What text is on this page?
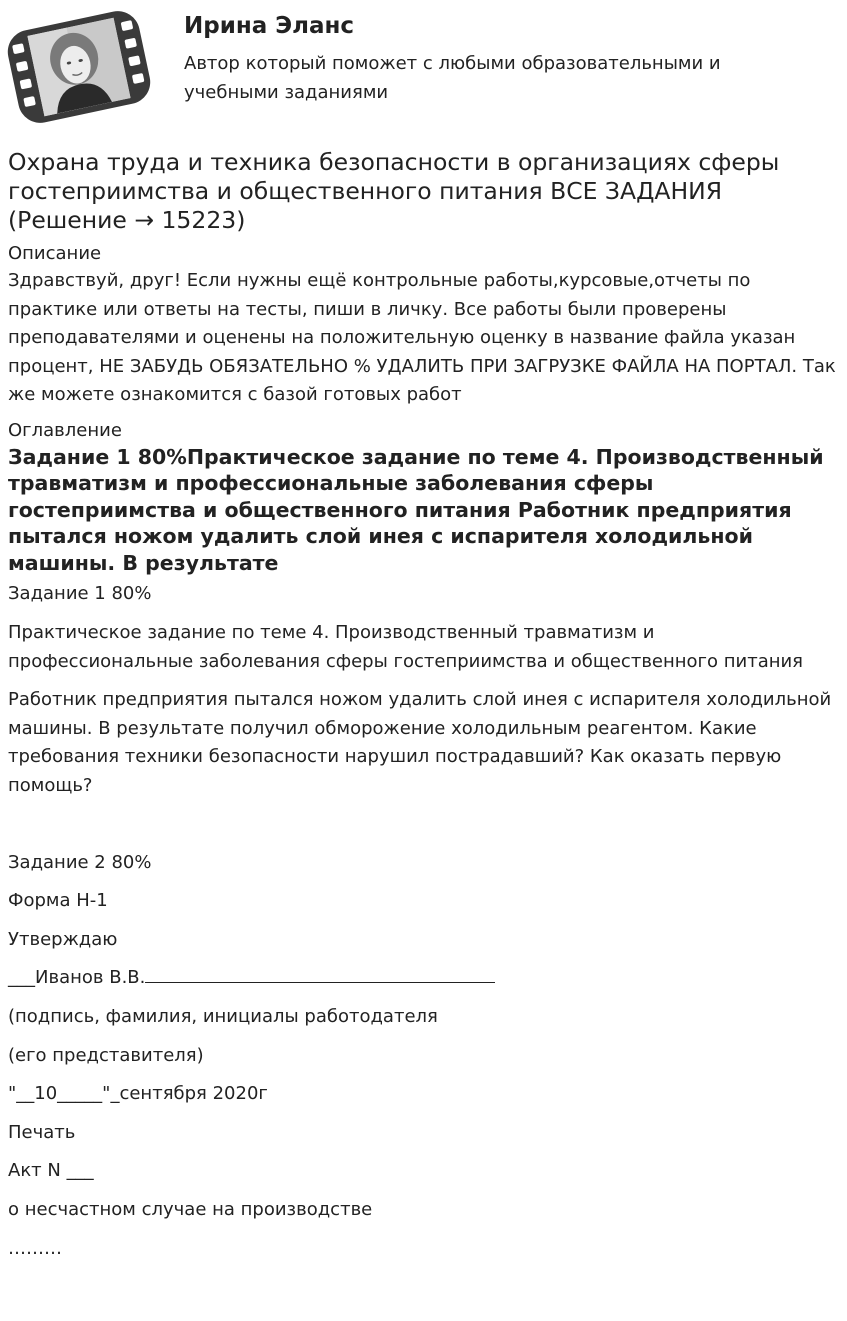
Ирина Эланс
Автор который поможет с любыми образовательными и учебными заданиями
Охрана труда и техника безопасности в организациях сферы гостеприимства и общественного питания ВСЕ ЗАДАНИЯ (Решение → 15223)

Описание

Здравствуй, друг! Если нужны ещё контрольные работы,курсовые,отчеты по практике или ответы на тесты, пиши в личку. Все работы были проверены преподавателями и оценены на положительную оценку в название файла указан процент, НЕ ЗАБУДЬ ОБЯЗАТЕЛЬНО % УДАЛИТЬ ПРИ ЗАГРУЗКЕ ФАЙЛА НА ПОРТАЛ. Так же можете ознакомится с базой готовых работ

Оглавление

Задание 1 80%Практическое задание по теме 4. Производственный травматизм и профессиональные заболевания сферы гостеприимства и общественного питания Работник предприятия пытался ножом удалить слой инея с испарителя холодильной машины. В результате

Задание 1 80%

Практическое задание по теме 4. Производственный травматизм и профессиональные заболевания сферы гостеприимства и общественного питания

Работник предприятия пытался ножом удалить слой инея с испарителя холодильной машины. В результате получил обморожение холодильным реагентом. Какие требования техники безопасности нарушил пострадавший? Как оказать первую помощь?

Задание 2 80%

Форма Н-1

Утверждаю

___Иванов В.В.

(подпись, фамилия, инициалы работодателя

(его представителя)

"__10_____"_сентября 2020г

Печать

Акт N ___

о несчастном случае на производстве

………
